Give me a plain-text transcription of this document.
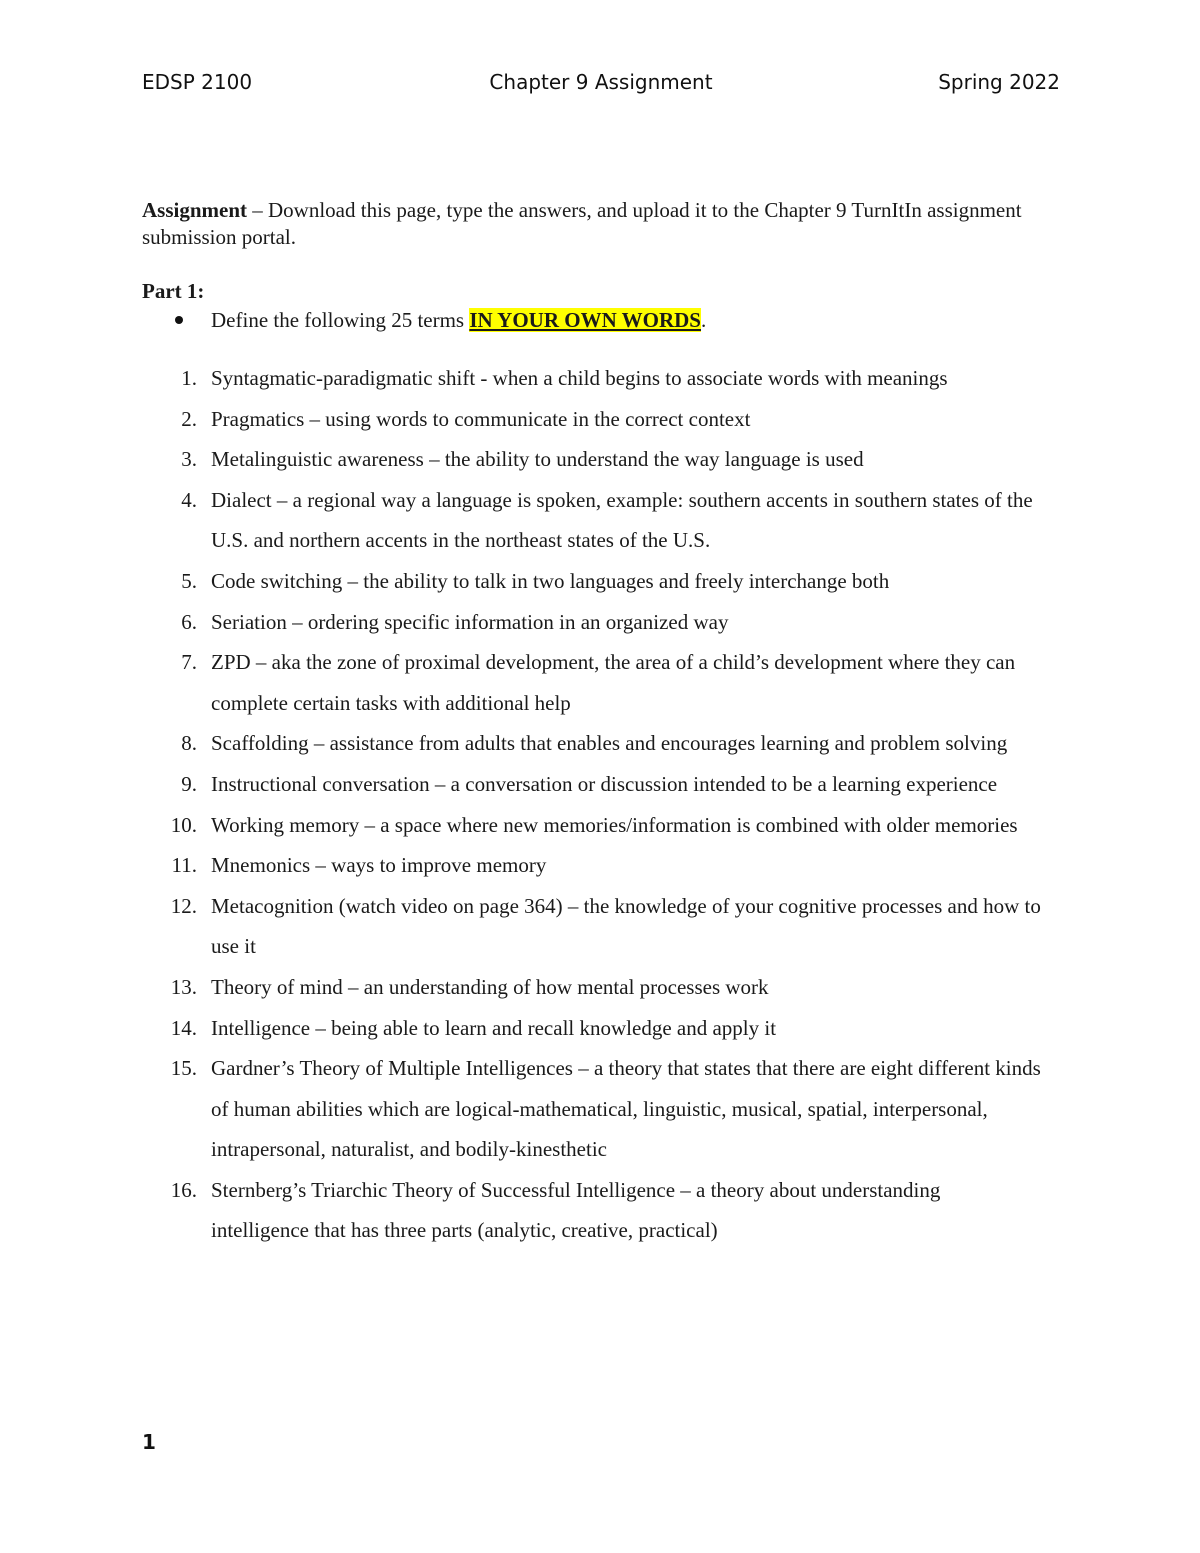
EDSP 2100	Chapter 9 Assignment	Spring 2022
Assignment – Download this page, type the answers, and upload it to the Chapter 9 TurnItIn assignment submission portal.
Part 1:
Define the following 25 terms IN YOUR OWN WORDS.
1. Syntagmatic-paradigmatic shift - when a child begins to associate words with meanings
2. Pragmatics – using words to communicate in the correct context
3. Metalinguistic awareness – the ability to understand the way language is used
4. Dialect – a regional way a language is spoken, example: southern accents in southern states of the U.S. and northern accents in the northeast states of the U.S.
5. Code switching – the ability to talk in two languages and freely interchange both
6. Seriation – ordering specific information in an organized way
7. ZPD – aka the zone of proximal development, the area of a child’s development where they can complete certain tasks with additional help
8. Scaffolding – assistance from adults that enables and encourages learning and problem solving
9. Instructional conversation – a conversation or discussion intended to be a learning experience
10. Working memory – a space where new memories/information is combined with older memories
11. Mnemonics – ways to improve memory
12. Metacognition (watch video on page 364) – the knowledge of your cognitive processes and how to use it
13. Theory of mind – an understanding of how mental processes work
14. Intelligence – being able to learn and recall knowledge and apply it
15. Gardner’s Theory of Multiple Intelligences – a theory that states that there are eight different kinds of human abilities which are logical-mathematical, linguistic, musical, spatial, interpersonal, intrapersonal, naturalist, and bodily-kinesthetic
16. Sternberg’s Triarchic Theory of Successful Intelligence – a theory about understanding intelligence that has three parts (analytic, creative, practical)
1
